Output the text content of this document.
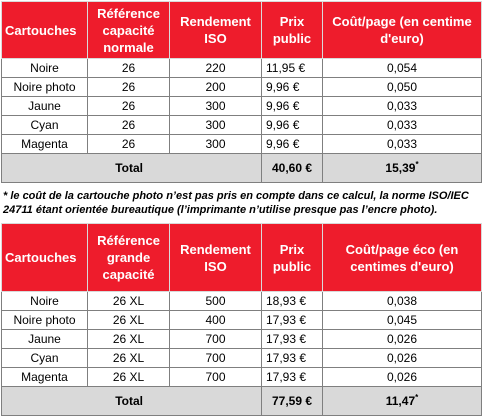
Cartouches	Référence capacité normale	Rendement ISO	Prix public	Coût/page (en centime d'euro)
Noire	26	220	11,95 €	0,054
Noire photo	26	200	9,96 €	0,050
Jaune	26	300	9,96 €	0,033
Cyan	26	300	9,96 €	0,033
Magenta	26	300	9,96 €	0,033
Total			40,60 €	15,39*

* le coût de la cartouche photo n’est pas pris en compte dans ce calcul, la norme ISO/IEC 24711 étant orientée bureautique (l’imprimante n’utilise presque pas l’encre photo).

Cartouches	Référence grande capacité	Rendement ISO	Prix public	Coût/page éco (en centimes d'euro)
Noire	26 XL	500	18,93 €	0,038
Noire photo	26 XL	400	17,93 €	0,045
Jaune	26 XL	700	17,93 €	0,026
Cyan	26 XL	700	17,93 €	0,026
Magenta	26 XL	700	17,93 €	0,026
Total			77,59 €	11,47*
